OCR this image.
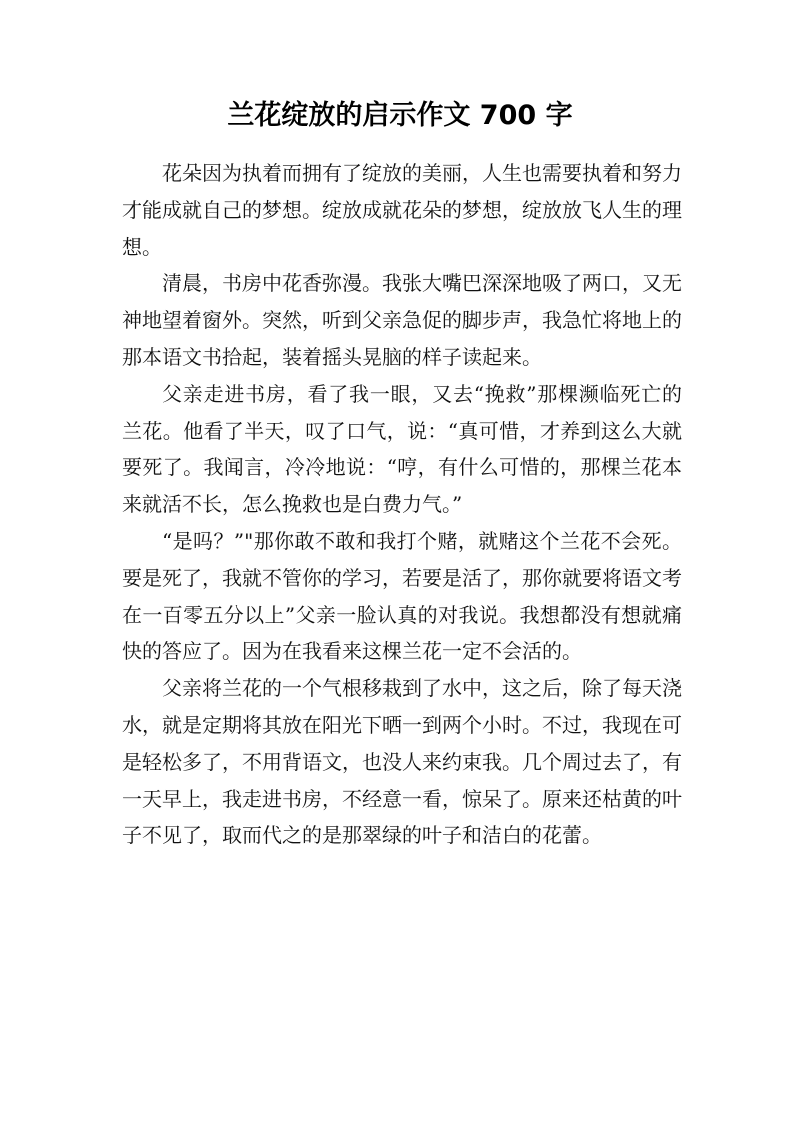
兰花绽放的启示作文 700 字

花朵因为执着而拥有了绽放的美丽，人生也需要执着和努力才能成就自己的梦想。绽放成就花朵的梦想，绽放放飞人生的理想。

清晨，书房中花香弥漫。我张大嘴巴深深地吸了两口，又无神地望着窗外。突然，听到父亲急促的脚步声，我急忙将地上的那本语文书拾起，装着摇头晃脑的样子读起来。

父亲走进书房，看了我一眼，又去“挽救”那棵濒临死亡的兰花。他看了半天，叹了口气，说：“真可惜，才养到这么大就要死了。我闻言，冷冷地说：“哼，有什么可惜的，那棵兰花本来就活不长，怎么挽救也是白费力气。”

“是吗？”"那你敢不敢和我打个赌，就赌这个兰花不会死。要是死了，我就不管你的学习，若要是活了，那你就要将语文考在一百零五分以上”父亲一脸认真的对我说。我想都没有想就痛快的答应了。因为在我看来这棵兰花一定不会活的。

父亲将兰花的一个气根移栽到了水中，这之后，除了每天浇水，就是定期将其放在阳光下晒一到两个小时。不过，我现在可是轻松多了，不用背语文，也没人来约束我。几个周过去了，有一天早上，我走进书房，不经意一看，惊呆了。原来还枯黄的叶子不见了，取而代之的是那翠绿的叶子和洁白的花蕾。
